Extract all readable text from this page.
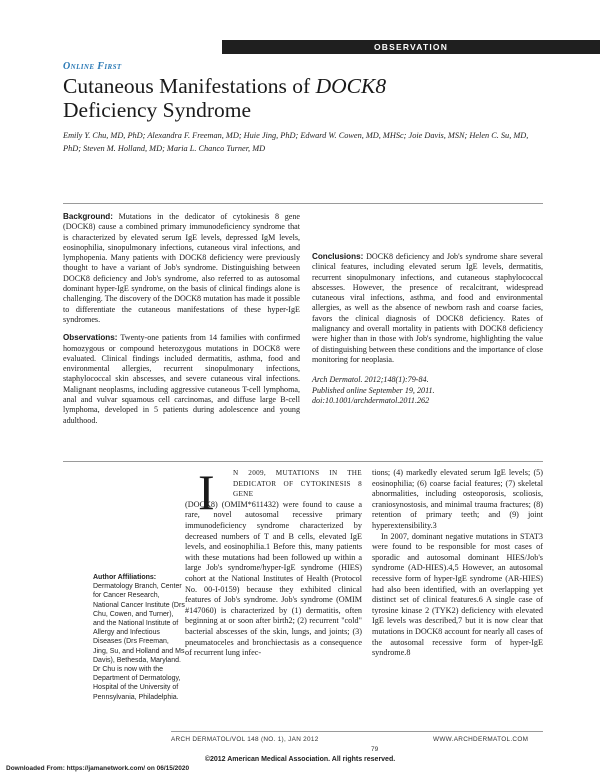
OBSERVATION
Online First
Cutaneous Manifestations of DOCK8
Deficiency Syndrome
Emily Y. Chu, MD, PhD; Alexandra F. Freeman, MD; Huie Jing, PhD; Edward W. Cowen, MD, MHSc; Joie Davis, MSN; Helen C. Su, MD, PhD; Steven M. Holland, MD; Maria L. Chanco Turner, MD

Background: Mutations in the dedicator of cytokinesis 8 gene (DOCK8) cause a combined primary immunodeficiency syndrome that is characterized by elevated serum IgE levels, depressed IgM levels, eosinophilia, sinopulmonary infections, cutaneous viral infections, and lymphopenia. Many patients with DOCK8 deficiency were previously thought to have a variant of Job's syndrome. Distinguishing between DOCK8 deficiency and Job's syndrome, also referred to as autosomal dominant hyper-IgE syndrome, on the basis of clinical findings alone is challenging. The discovery of the DOCK8 mutation has made it possible to differentiate the cutaneous manifestations of these hyper-IgE syndromes.

Observations: Twenty-one patients from 14 families with confirmed homozygous or compound heterozygous mutations in DOCK8 were evaluated. Clinical findings included dermatitis, asthma, food and environmental allergies, recurrent sinopulmonary infections, staphylococcal skin abscesses, and severe cutaneous viral infections. Malignant neoplasms, including aggressive cutaneous T-cell lymphoma, anal and vulvar squamous cell carcinomas, and diffuse large B-cell lymphoma, developed in 5 patients during adolescence and young adulthood.

Conclusions: DOCK8 deficiency and Job's syndrome share several clinical features, including elevated serum IgE levels, dermatitis, recurrent sinopulmonary infections, and cutaneous staphylococcal abscesses. However, the presence of recalcitrant, widespread cutaneous viral infections, asthma, and food and environmental allergies, as well as the absence of newborn rash and coarse facies, favors the clinical diagnosis of DOCK8 deficiency. Rates of malignancy and overall mortality in patients with DOCK8 deficiency were higher than in those with Job's syndrome, highlighting the value of distinguishing between these conditions and the importance of close monitoring for neoplasia.

Arch Dermatol. 2012;148(1):79-84.
Published online September 19, 2011.
doi:10.1001/archdermatol.2011.262
I	N 2009, MUTATIONS IN THE DEDICATOR OF CYTOKINESIS 8 GENE
(DOCK8) (OMIM*611432) were found to cause a rare, novel autosomal recessive primary immunodeficiency syndrome characterized by decreased numbers of T and B cells, elevated IgE levels, and eosinophilia.1 Before this, many patients with these mutations had been followed up within a large Job's syndrome/hyper-IgE syndrome (HIES) cohort at the National Institutes of Health (Protocol No. 00-I-0159) because they exhibited clinical features of Job's syndrome. Job's syndrome (OMIM #147060) is characterized by (1) dermatitis, often beginning at or soon after birth2; (2) recurrent "cold" bacterial abscesses of the skin, lungs, and joints; (3) pneumatoceles and bronchiectasis as a consequence of recurrent lung infec-
tions; (4) markedly elevated serum IgE levels; (5) eosinophilia; (6) coarse facial features; (7) skeletal abnormalities, including osteoporosis, scoliosis, craniosynostosis, and minimal trauma fractures; (8) retention of primary teeth; and (9) joint hyperextensibility.3

In 2007, dominant negative mutations in STAT3 were found to be responsible for most cases of sporadic and autosomal dominant HIES/Job's syndrome (AD-HIES).4,5 However, an autosomal recessive form of hyper-IgE syndrome (AR-HIES) had also been identified, with an overlapping yet distinct set of clinical features.6 A single case of tyrosine kinase 2 (TYK2) deficiency with elevated IgE levels was described,7 but it is now clear that mutations in DOCK8 account for nearly all cases of the autosomal recessive form of hyper-IgE syndrome.8

Author Affiliations:
Dermatology Branch, Center for Cancer Research, National Cancer Institute (Drs Chu, Cowen, and Turner), and the National Institute of Allergy and Infectious Diseases (Drs Freeman, Jing, Su, and Holland and Ms Davis), Bethesda, Maryland. Dr Chu is now with the Department of Dermatology, Hospital of the University of Pennsylvania, Philadelphia.
ARCH DERMATOL/VOL 148 (NO. 1), JAN 2012	WWW.ARCHDERMATOL.COM
79
©2012 American Medical Association. All rights reserved.
Downloaded From: https://jamanetwork.com/ on 06/15/2020
